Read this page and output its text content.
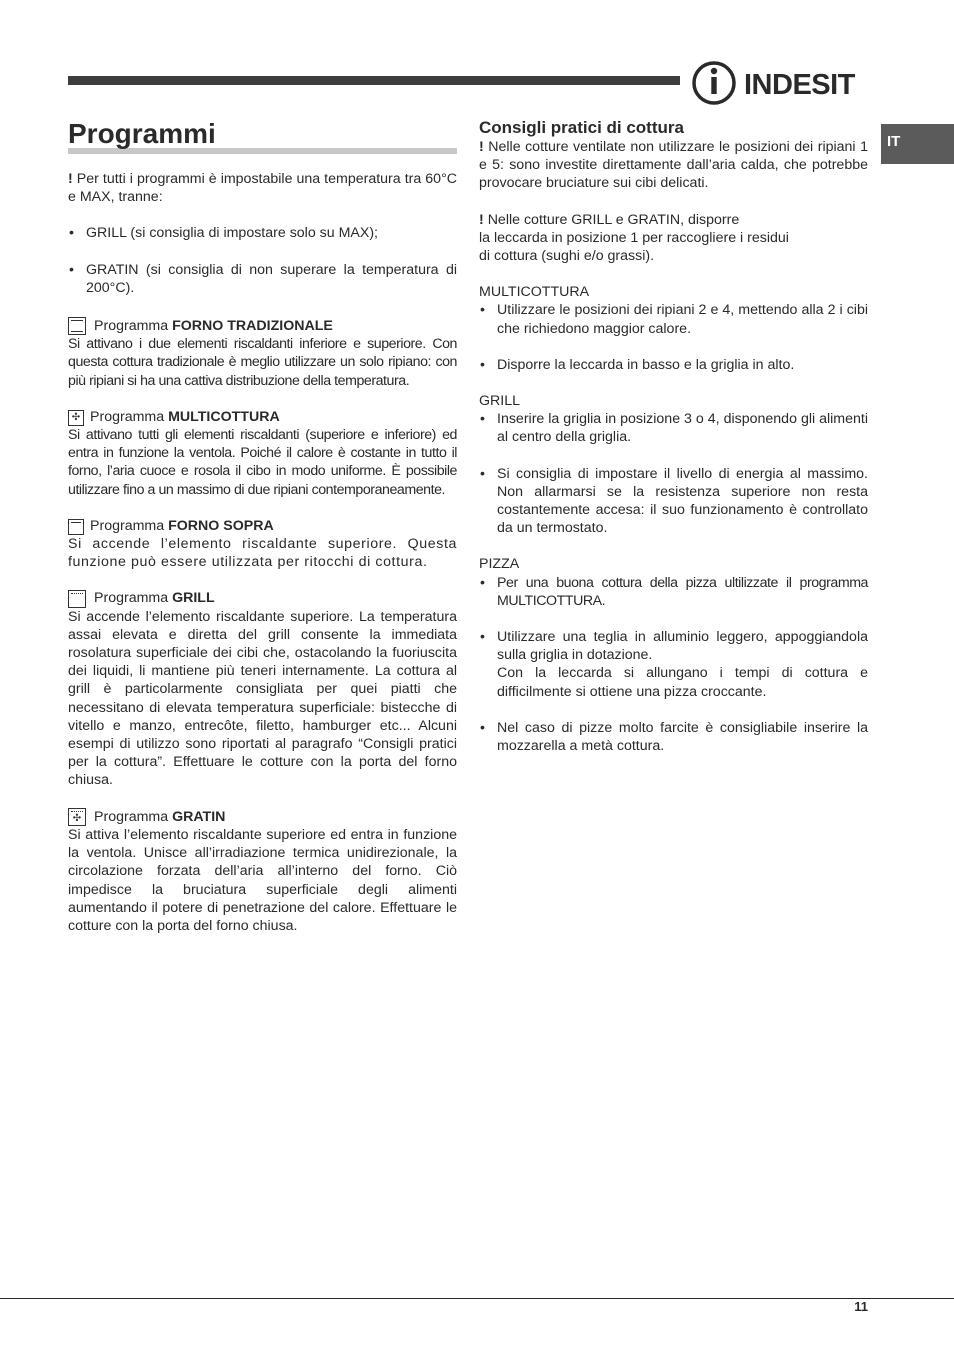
INDESIT
IT
Programmi

! Per tutti i programmi è impostabile una temperatura tra 60°C e MAX, tranne:

• GRILL (si consiglia di impostare solo su MAX);
• GRATIN (si consiglia di non superare la temperatura di 200°C).
Programma
FORNO TRADIZIONALE

Si attivano i due elementi riscaldanti inferiore e superiore. Con questa cottura tradizionale è meglio utilizzare un solo ripiano: con più ripiani si ha una cattiva distribuzione della temperatura.

✣ Programma
MULTICOTTURA

Si attivano tutti gli elementi riscaldanti (superiore e inferiore) ed entra in funzione la ventola. Poiché il calore è costante in tutto il forno, l’aria cuoce e rosola il cibo in modo uniforme. È possibile utilizzare fino a un massimo di due ripiani contemporaneamente.

Programma
FORNO SOPRA

Si accende l’elemento riscaldante superiore. Questa funzione può essere utilizzata per ritocchi di cottura.

Programma
GRILL

Si accende l’elemento riscaldante superiore. La temperatura assai elevata e diretta del grill consente la immediata rosolatura superficiale dei cibi che, ostacolando la fuoriuscita dei liquidi, li mantiene più teneri internamente. La cottura al grill è particolarmente consigliata per quei piatti che necessitano di elevata temperatura superficiale: bistecche di vitello e manzo, entrecôte, filetto, hamburger etc... Alcuni esempi di utilizzo sono riportati al paragrafo “Consigli pratici per la cottura”. Effettuare le cotture con la porta del forno chiusa.

✣ Programma
GRATIN

Si attiva l’elemento riscaldante superiore ed entra in funzione la ventola. Unisce all’irradiazione termica unidirezionale, la circolazione forzata dell’aria all’interno del forno. Ciò impedisce la bruciatura superficiale degli alimenti aumentando il potere di penetrazione del calore. Effettuare le cotture con la porta del forno chiusa.

Consigli pratici di cottura

! Nelle cotture ventilate non utilizzare le posizioni dei ripiani 1 e 5: sono investite direttamente dall’aria calda, che potrebbe provocare bruciature sui cibi delicati.

! Nelle cotture GRILL e GRATIN, disporre
la leccarda in posizione 1 per raccogliere i residui
di cottura (sughi e/o grassi).

MULTICOTTURA
• Utilizzare le posizioni dei ripiani 2 e 4, mettendo alla 2 i cibi che richiedono maggior calore.
• Disporre la leccarda in basso e la griglia in alto.
GRILL
• Inserire la griglia in posizione 3 o 4, disponendo gli alimenti al centro della griglia.
• Si consiglia di impostare il livello di energia al massimo. Non allarmarsi se la resistenza superiore non resta costantemente accesa: il suo funzionamento è controllato da un termostato.
PIZZA
• Per una buona cottura della pizza ultilizzate il programma MULTICOTTURA.
• Utilizzare una teglia in alluminio leggero, appoggiandola sulla griglia in dotazione.
Con la leccarda si allungano i tempi di cottura e difficilmente si ottiene una pizza croccante.
• Nel caso di pizze molto farcite è consigliabile inserire la mozzarella a metà cottura.
11
